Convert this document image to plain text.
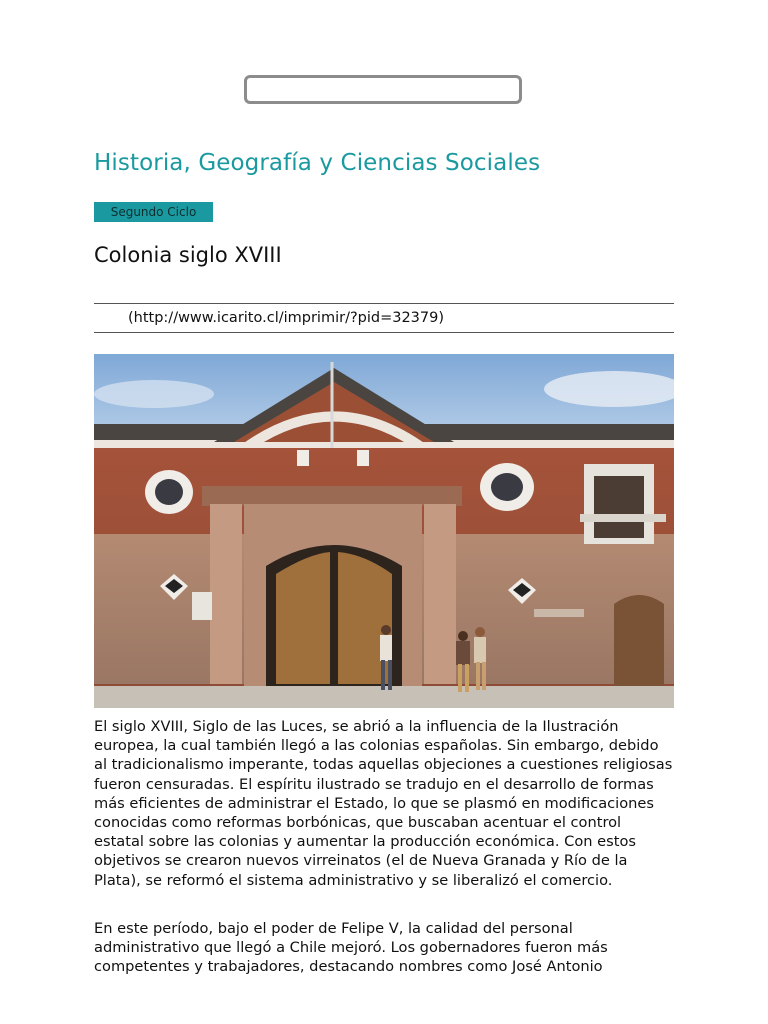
Historia, Geografía y Ciencias Sociales
Segundo Ciclo
Colonia siglo XVIII
(http://www.icarito.cl/imprimir/?pid=32379)

El siglo XVIII, Siglo de las Luces, se abrió a la influencia de la Ilustración europea, la cual también llegó a las colonias españolas. Sin embargo, debido al tradicionalismo imperante, todas aquellas objeciones a cuestiones religiosas fueron censuradas. El espíritu ilustrado se tradujo en el desarrollo de formas más eficientes de administrar el Estado, lo que se plasmó en modificaciones conocidas como reformas borbónicas, que buscaban acentuar el control estatal sobre las colonias y aumentar la producción económica. Con estos objetivos se crearon nuevos virreinatos (el de Nueva Granada y Río de la Plata), se reformó el sistema administrativo y se liberalizó el comercio.

En este período, bajo el poder de Felipe V, la calidad del personal administrativo que llegó a Chile mejoró. Los gobernadores fueron más competentes y trabajadores, destacando nombres como José Antonio
